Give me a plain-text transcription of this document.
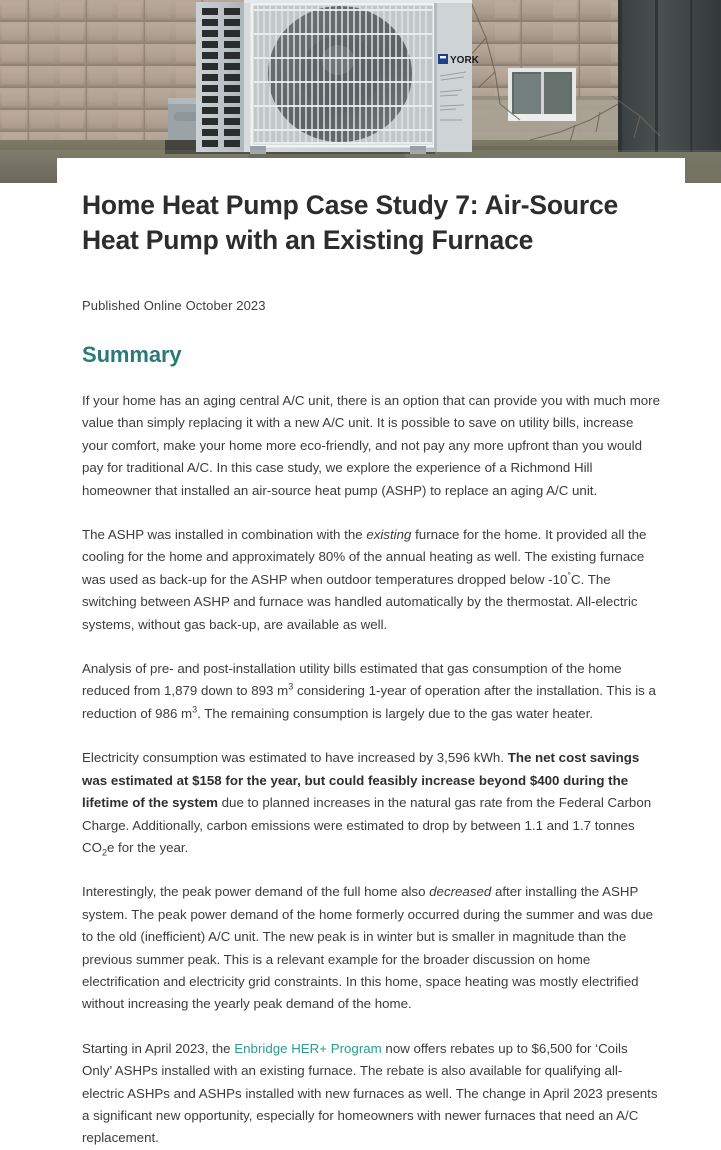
YORK
Home Heat Pump Case Study 7: Air-Source Heat Pump with an Existing Furnace
Published Online October 2023
Summary

If your home has an aging central A/C unit, there is an option that can provide you with much more value than simply replacing it with a new A/C unit. It is possible to save on utility bills, increase your comfort, make your home more eco-friendly, and not pay any more upfront than you would pay for traditional A/C. In this case study, we explore the experience of a Richmond Hill homeowner that installed an air-source heat pump (ASHP) to replace an aging A/C unit.

The ASHP was installed in combination with the existing furnace for the home. It provided all the cooling for the home and approximately 80% of the annual heating as well. The existing furnace was used as back-up for the ASHP when outdoor temperatures dropped below -10°C. The switching between ASHP and furnace was handled automatically by the thermostat. All-electric systems, without gas back-up, are available as well.

Analysis of pre- and post-installation utility bills estimated that gas consumption of the home reduced from 1,879 down to 893 $m^3$ considering 1-year of operation after the installation. This is a reduction of 986 $m^3$. The remaining consumption is largely due to the gas water heater.

Electricity consumption was estimated to have increased by 3,596 kWh. The net cost savings was estimated at $158 for the year, but could feasibly increase beyond $400 during the lifetime of the system due to planned increases in the natural gas rate from the Federal Carbon Charge. Additionally, carbon emissions were estimated to drop by between 1.1 and 1.7 tonnes $CO_2e$ for the year.

Interestingly, the peak power demand of the full home also decreased after installing the ASHP system. The peak power demand of the home formerly occurred during the summer and was due to the old (inefficient) A/C unit. The new peak is in winter but is smaller in magnitude than the previous summer peak. This is a relevant example for the broader discussion on home electrification and electricity grid constraints. In this home, space heating was mostly electrified without increasing the yearly peak demand of the home.

Starting in April 2023, the Enbridge HER+ Program now offers rebates up to $6,500 for ‘Coils Only’ ASHPs installed with an existing furnace. The rebate is also available for qualifying all-electric ASHPs and ASHPs installed with new furnaces as well. The change in April 2023 presents a significant new opportunity, especially for homeowners with newer furnaces that need an A/C replacement.
